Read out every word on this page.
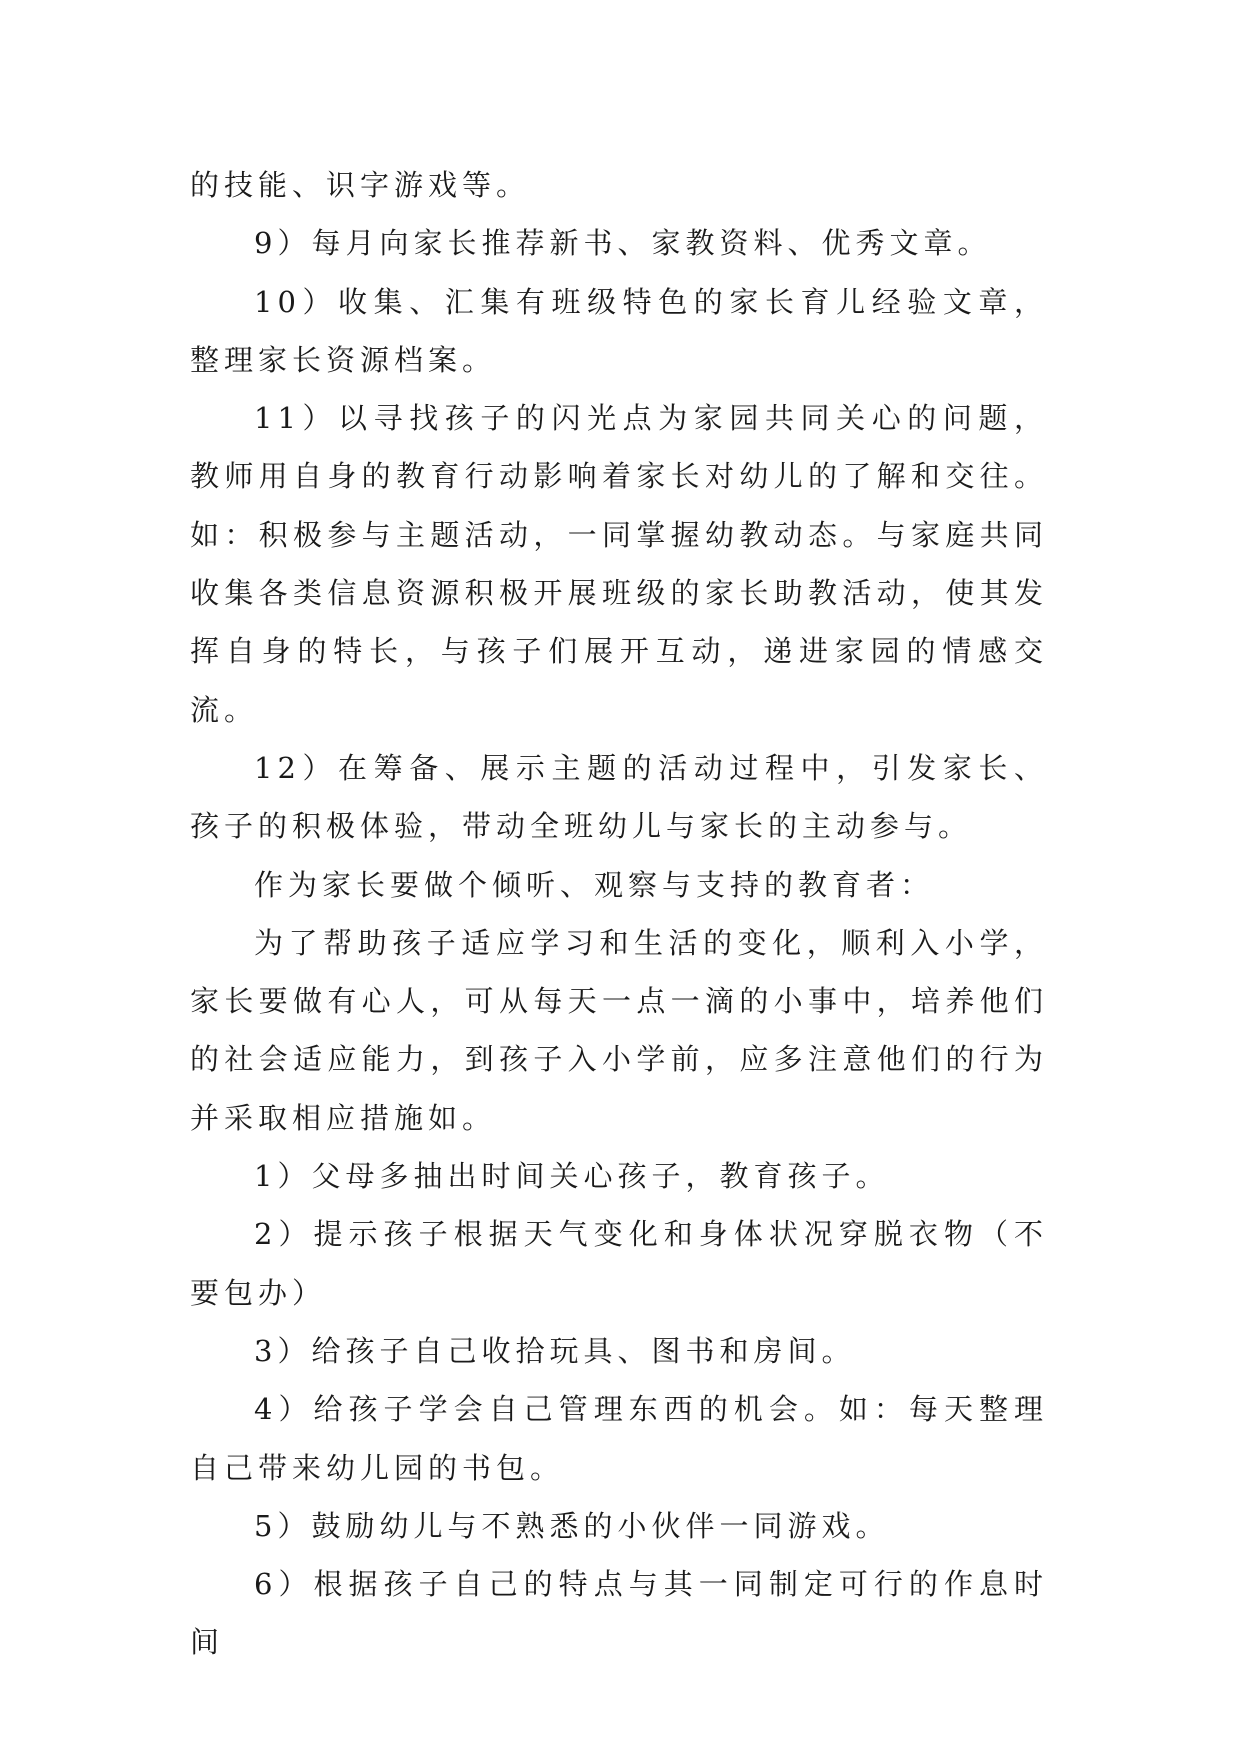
的技能、识字游戏等。

9）每月向家长推荐新书、家教资料、优秀文章。

10）收集、汇集有班级特色的家长育儿经验文章，整理家长资源档案。

11）以寻找孩子的闪光点为家园共同关心的问题，教师用自身的教育行动影响着家长对幼儿的了解和交往。如：积极参与主题活动，一同掌握幼教动态。与家庭共同收集各类信息资源积极开展班级的家长助教活动，使其发挥自身的特长，与孩子们展开互动，递进家园的情感交流。

12）在筹备、展示主题的活动过程中，引发家长、孩子的积极体验，带动全班幼儿与家长的主动参与。

作为家长要做个倾听、观察与支持的教育者：

为了帮助孩子适应学习和生活的变化，顺利入小学，家长要做有心人，可从每天一点一滴的小事中，培养他们的社会适应能力，到孩子入小学前，应多注意他们的行为并采取相应措施如。

1）父母多抽出时间关心孩子，教育孩子。

2）提示孩子根据天气变化和身体状况穿脱衣物（不要包办）

3）给孩子自己收拾玩具、图书和房间。

4）给孩子学会自己管理东西的机会。如：每天整理自己带来幼儿园的书包。

5）鼓励幼儿与不熟悉的小伙伴一同游戏。

6）根据孩子自己的特点与其一同制定可行的作息时间
